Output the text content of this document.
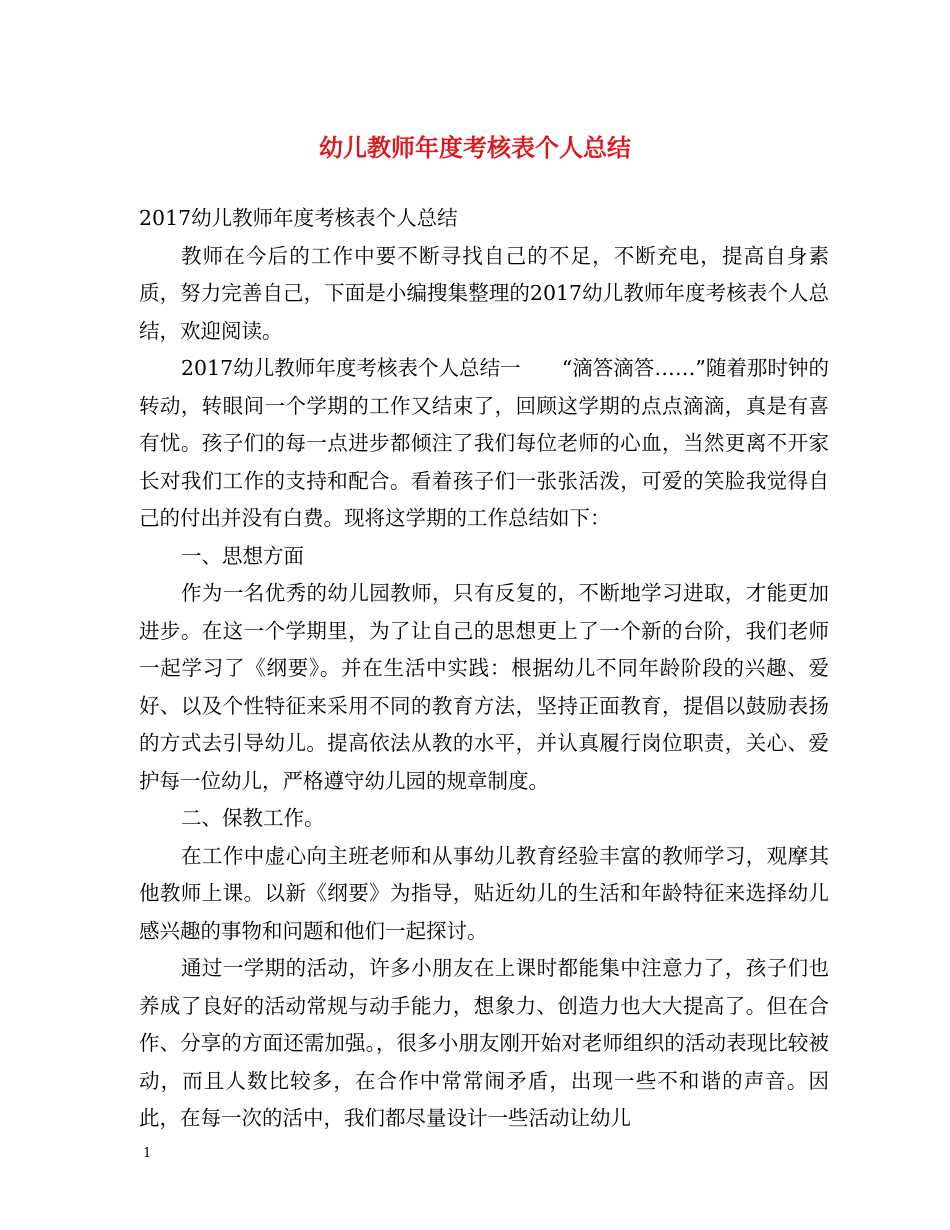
幼儿教师年度考核表个人总结

2017幼儿教师年度考核表个人总结

教师在今后的工作中要不断寻找自己的不足，不断充电，提高自身素质，努力完善自己，下面是小编搜集整理的2017幼儿教师年度考核表个人总结，欢迎阅读。

2017幼儿教师年度考核表个人总结一　　“滴答滴答……”随着那时钟的转动，转眼间一个学期的工作又结束了，回顾这学期的点点滴滴，真是有喜有忧。孩子们的每一点进步都倾注了我们每位老师的心血，当然更离不开家长对我们工作的支持和配合。看着孩子们一张张活泼，可爱的笑脸我觉得自己的付出并没有白费。现将这学期的工作总结如下：

一、思想方面

作为一名优秀的幼儿园教师，只有反复的，不断地学习进取，才能更加进步。在这一个学期里，为了让自己的思想更上了一个新的台阶，我们老师一起学习了《纲要》。并在生活中实践：根据幼儿不同年龄阶段的兴趣、爱好、以及个性特征来采用不同的教育方法，坚持正面教育，提倡以鼓励表扬的方式去引导幼儿。提高依法从教的水平，并认真履行岗位职责，关心、爱护每一位幼儿，严格遵守幼儿园的规章制度。

二、保教工作。

在工作中虚心向主班老师和从事幼儿教育经验丰富的教师学习，观摩其他教师上课。以新《纲要》为指导，贴近幼儿的生活和年龄特征来选择幼儿感兴趣的事物和问题和他们一起探讨。

通过一学期的活动，许多小朋友在上课时都能集中注意力了，孩子们也养成了良好的活动常规与动手能力，想象力、创造力也大大提高了。但在合作、分享的方面还需加强。，很多小朋友刚开始对老师组织的活动表现比较被动，而且人数比较多，在合作中常常闹矛盾，出现一些不和谐的声音。因此，在每一次的活中，我们都尽量设计一些活动让幼儿

1
